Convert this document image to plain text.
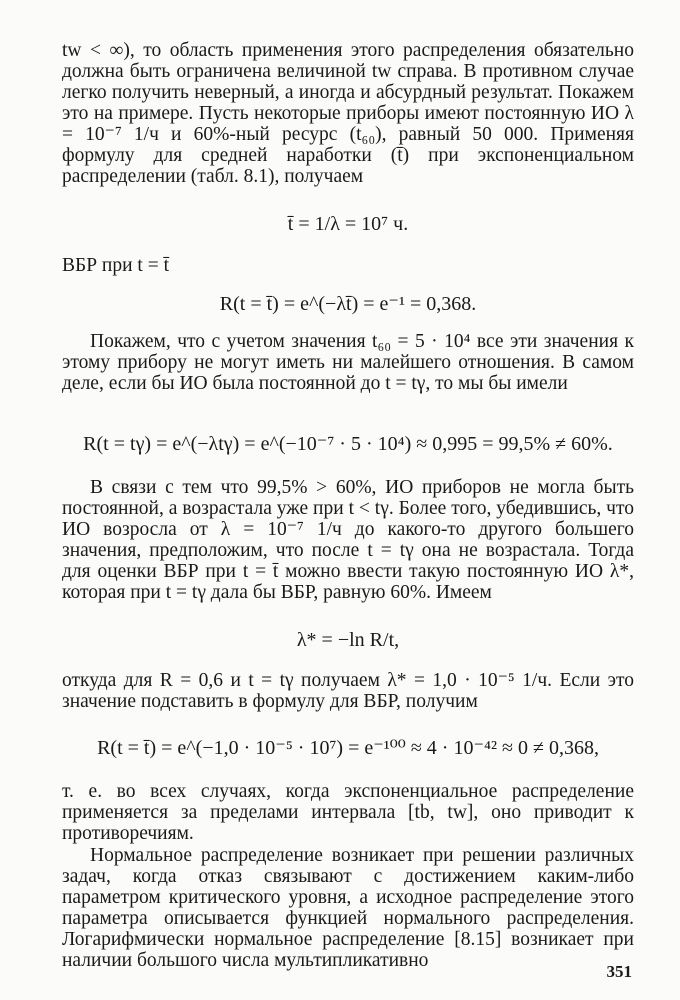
tw < ∞), то область применения этого распределения обязательно должна быть ограничена величиной tw справа. В противном случае легко получить неверный, а иногда и абсурдный результат. Покажем это на примере. Пусть некоторые приборы имеют постоянную ИО λ = 10⁻⁷ 1/ч и 60%-ный ресурс (t₆₀), равный 50 000. Применяя формулу для средней наработки (t̄) при экспоненциальном распределении (табл. 8.1), получаем

t̄ = 1/λ = 10⁷ ч.
ВБР при t = t̄
R(t = t̄) = e^(−λt̄) = e⁻¹ = 0,368.

Покажем, что с учетом значения t₆₀ = 5 · 10⁴ все эти значения к этому прибору не могут иметь ни малейшего отношения. В самом деле, если бы ИО была постоянной до t = tγ, то мы бы имели

R(t = tγ) = e^(−λtγ) = e^(−10⁻⁷ · 5 · 10⁴) ≈ 0,995 = 99,5% ≠ 60%.

В связи с тем что 99,5% > 60%, ИО приборов не могла быть постоянной, а возрастала уже при t < tγ. Более того, убедившись, что ИО возросла от λ = 10⁻⁷ 1/ч до какого-то другого большего значения, предположим, что после t = tγ она не возрастала. Тогда для оценки ВБР при t = t̄ можно ввести такую постоянную ИО λ*, которая при t = tγ дала бы ВБР, равную 60%. Имеем

λ* = −ln R/t,

откуда для R = 0,6 и t = tγ получаем λ* = 1,0 · 10⁻⁵ 1/ч. Если это значение подставить в формулу для ВБР, получим

R(t = t̄) = e^(−1,0 · 10⁻⁵ · 10⁷) = e⁻¹⁰⁰ ≈ 4 · 10⁻⁴² ≈ 0 ≠ 0,368,

т. е. во всех случаях, когда экспоненциальное распределение применяется за пределами интервала [tb, tw], оно приводит к противоречиям.

Нормальное распределение возникает при решении различных задач, когда отказ связывают с достижением каким-либо параметром критического уровня, а исходное распределение этого параметра описывается функцией нормального распределения. Логарифмически нормальное распределение [8.15] возникает при наличии большого числа мультипликативно

351
